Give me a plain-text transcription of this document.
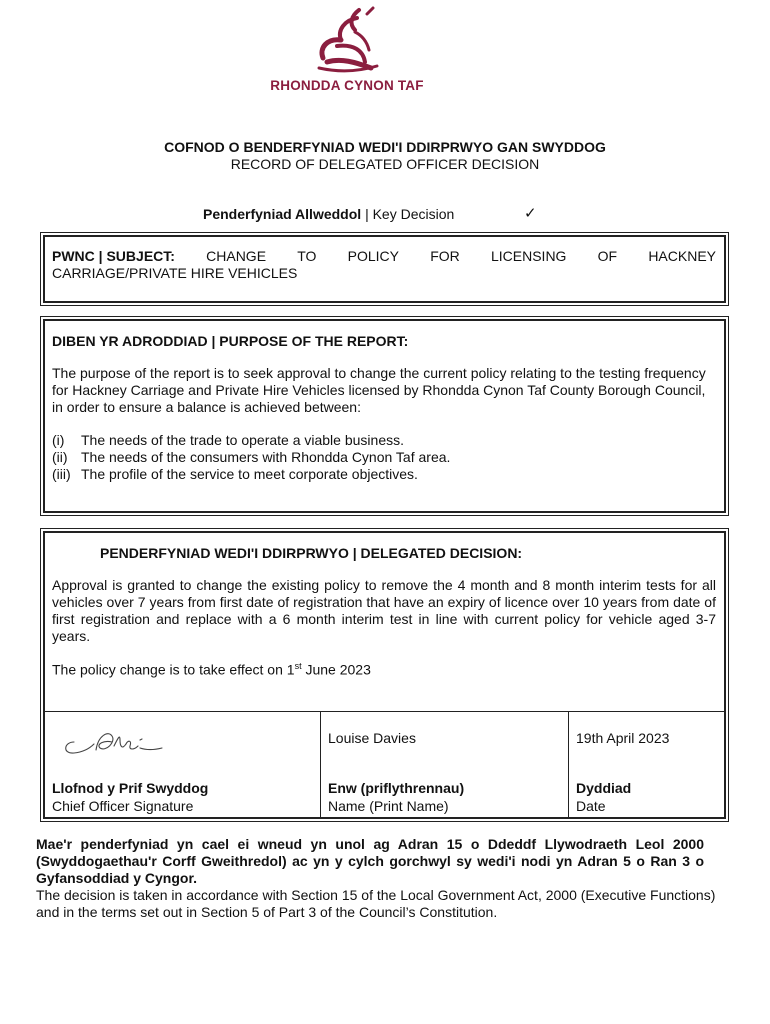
RHONDDA CYNON TAF
COFNOD O BENDERFYNIAD WEDI'I DDIRPRWYO GAN SWYDDOG
RECORD OF DELEGATED OFFICER DECISION
Penderfyniad Allweddol | Key Decision	✓
PWNC | SUBJECT: CHANGE TO POLICY FOR LICENSING OF HACKNEY
CARRIAGE/PRIVATE HIRE VEHICLES
DIBEN YR ADRODDIAD | PURPOSE OF THE REPORT:
The purpose of the report is to seek approval to change the current policy relating to the testing frequency for Hackney Carriage and Private Hire Vehicles licensed by Rhondda Cynon Taf County Borough Council, in order to ensure a balance is achieved between:
(i)	The needs of the trade to operate a viable business.
(ii) The needs of the consumers with Rhondda Cynon Taf area.
(iii) The profile of the service to meet corporate objectives.
PENDERFYNIAD WEDI'I DDIRPRWYO | DELEGATED DECISION:
Approval is granted to change the existing policy to remove the 4 month and 8 month interim tests for all vehicles over 7 years from first date of registration that have an expiry of licence over 10 years from date of first registration and replace with a 6 month interim test in line with current policy for vehicle aged 3-7 years.
The policy change is to take effect on 1st June 2023
Llofnod y Prif Swyddog
Chief Officer Signature
Louise Davies
Enw (priflythrennau)
Name (Print Name)
19th April 2023
Dyddiad
Date
Mae'r penderfyniad yn cael ei wneud yn unol ag Adran 15 o Ddeddf Llywodraeth Leol 2000 (Swyddogaethau'r Corff Gweithredol) ac yn y cylch gorchwyl sy wedi'i nodi yn Adran 5 o Ran 3 o Gyfansoddiad y Cyngor.
The decision is taken in accordance with Section 15 of the Local Government Act, 2000 (Executive Functions) and in the terms set out in Section 5 of Part 3 of the Council’s Constitution.
